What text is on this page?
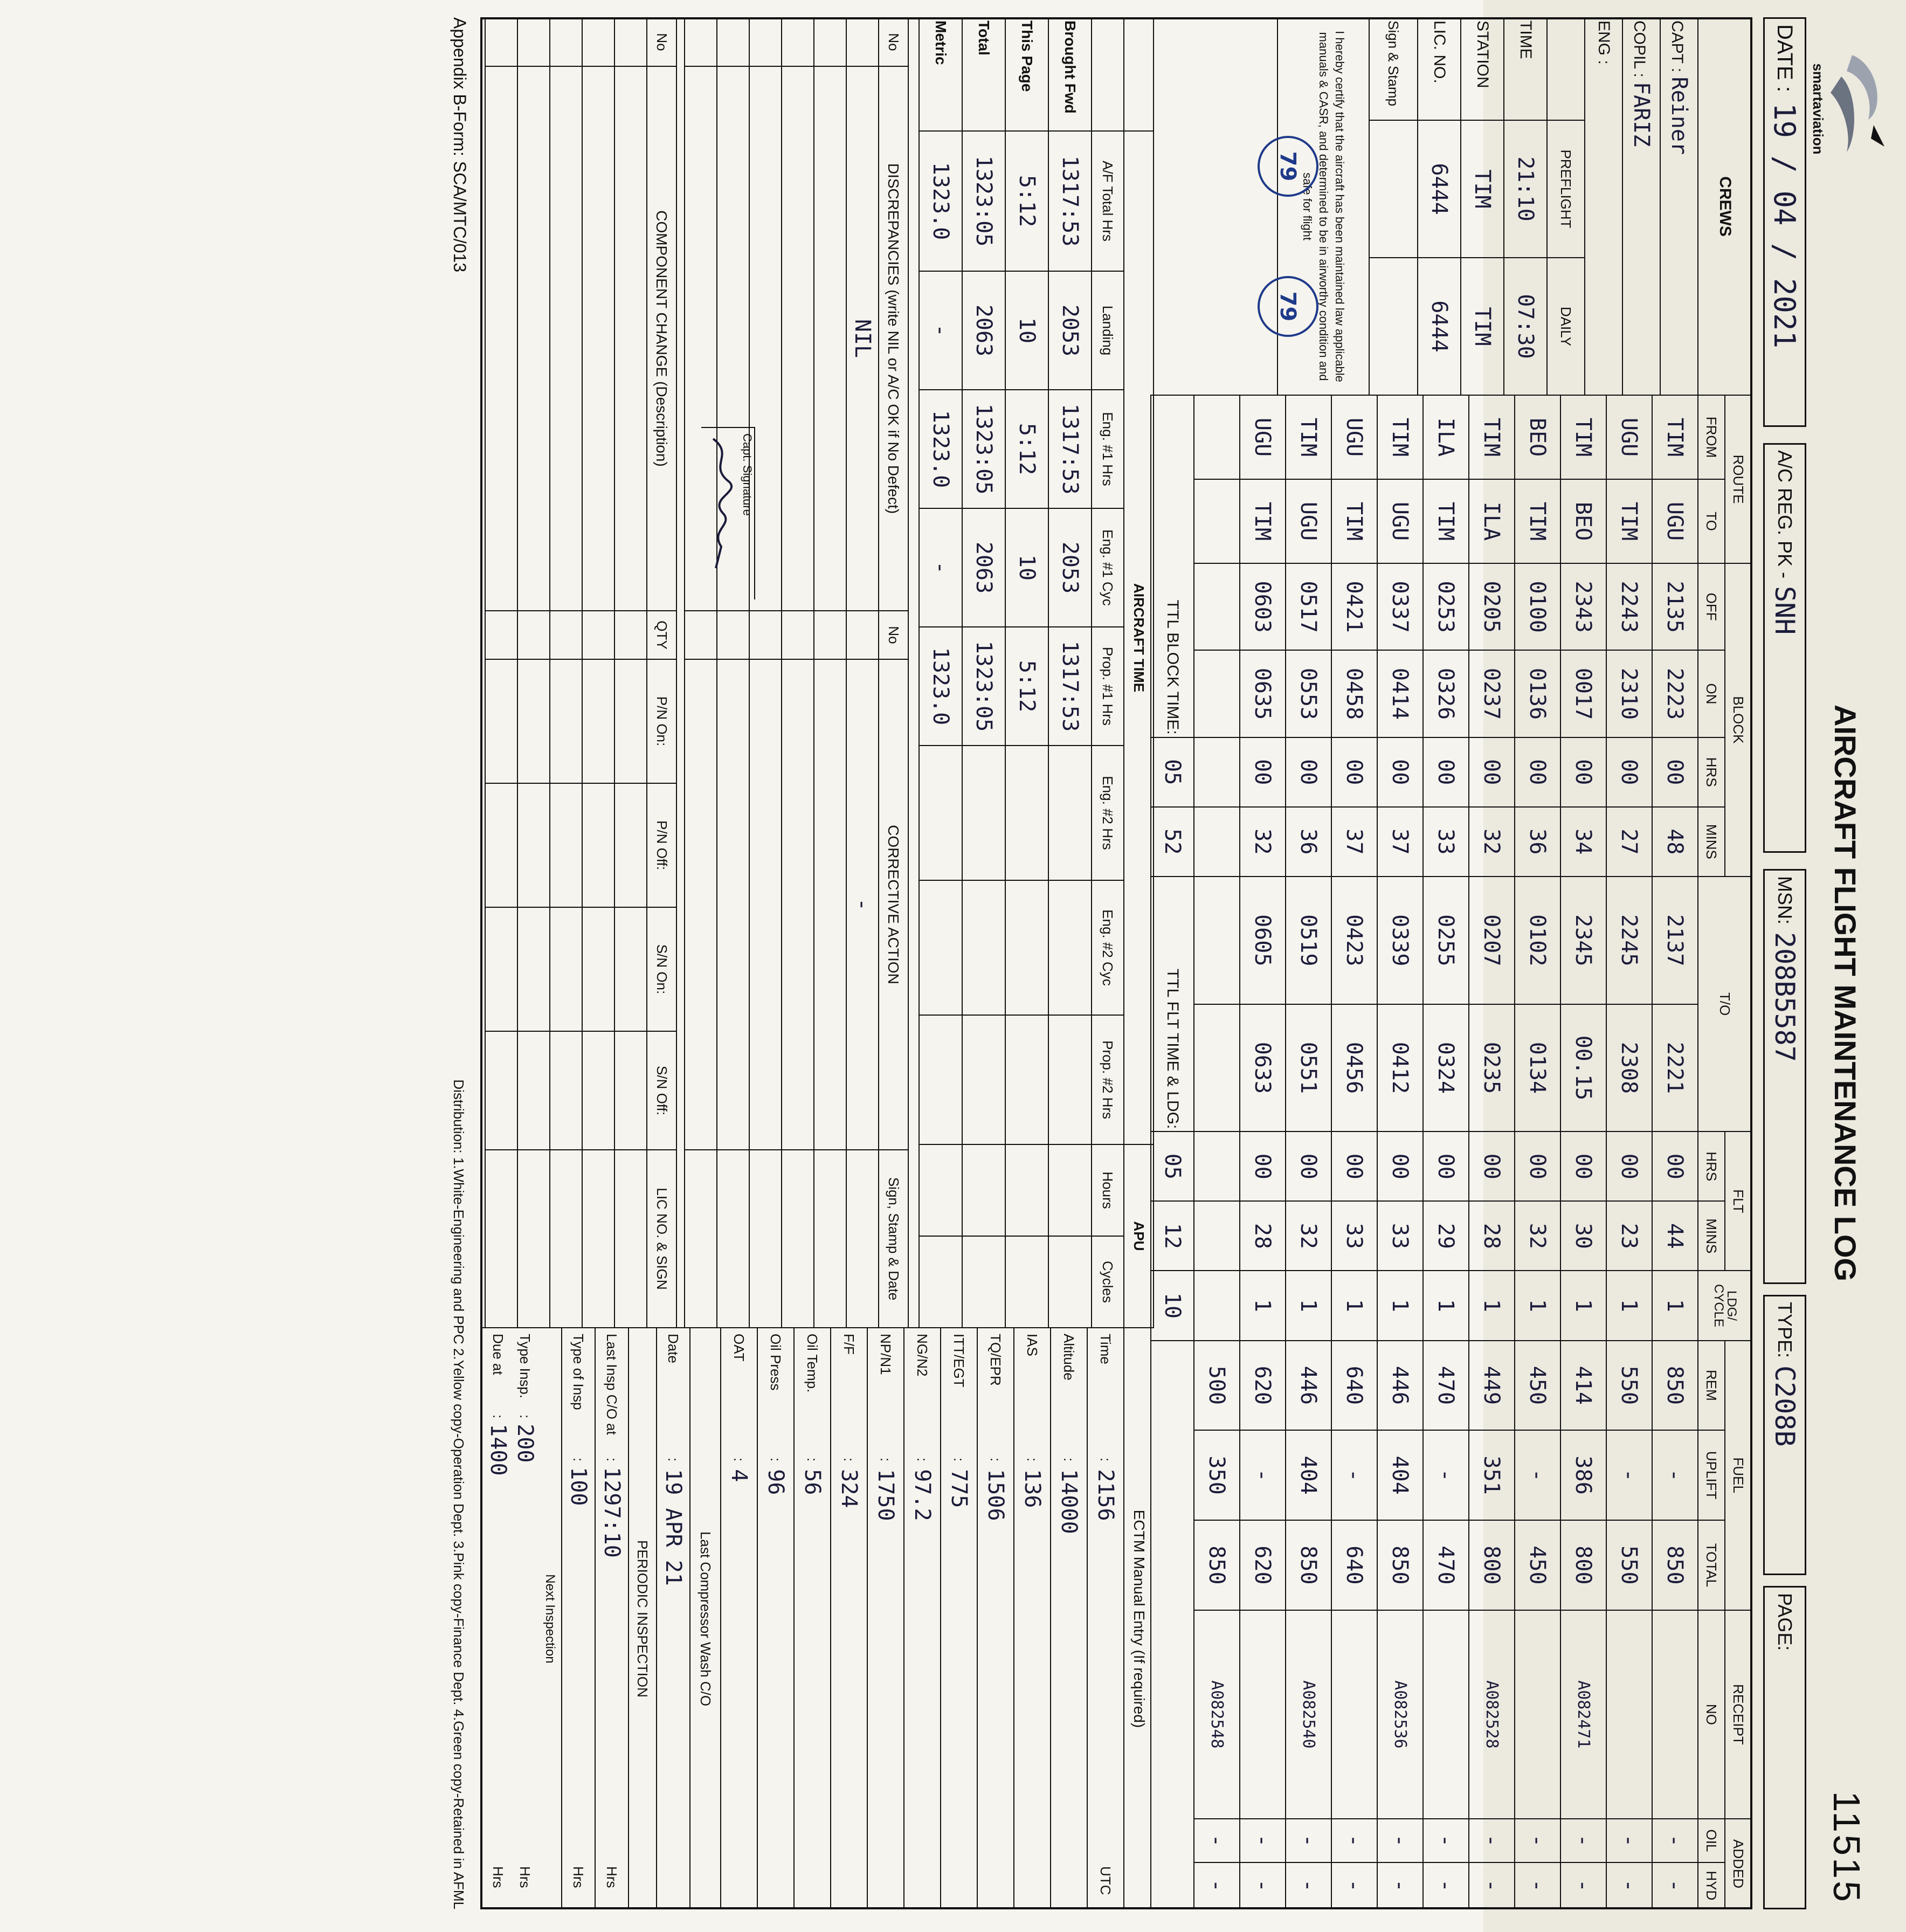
smartaviation
AIRCRAFT FLIGHT MAINTENANCE LOG
11515
DATE :
19 / 04 / 2021
A/C REG. PK -
SNH
MSN:
208B5587
TYPE:
C208B
PAGE:
CREWS		
CAPT : Reiner		
COPIL : FARIZ		
ENG :		
	PREFLIGHT	DAILY
TIME	21:10	07:30
STATION	TIM	TIM
LIC. NO.	6444	6444
Sign & Stamp		
I hereby certify that the aircraft has been maintained law applicable manuals & CASR, and determined to be in airworthy condition and safe for flight		
79
79
ROUTE		BLOCK				T/O		FLT		LDG/ CYCLE	FUEL			RECEIPT	ADDED	
FROM	TO	OFF	ON	HRS	MINS			HRS	MINS		REM	UPLIFT	TOTAL	NO	OIL	HYD
TIM	UGU	2135	2223	00	48	2137	2221	00	44	1	850	-	850		-	-
UGU	TIM	2243	2310	00	27	2245	2308	00	23	1	550	-	550		-	-
TIM	BEO	2343	0017	00	34	2345	00.15	00	30	1	414	386	800	A082471	-	-
BEO	TIM	0100	0136	00	36	0102	0134	00	32	1	450	-	450		-	-
TIM	ILA	0205	0237	00	32	0207	0235	00	28	1	449	351	800	A082528	-	-
ILA	TIM	0253	0326	00	33	0255	0324	00	29	1	470	-	470		-	-
TIM	UGU	0337	0414	00	37	0339	0412	00	33	1	446	404	850	A082536	-	-
UGU	TIM	0421	0458	00	37	0423	0456	00	33	1	640	-	640		-	-
TIM	UGU	0517	0553	00	36	0519	0551	00	32	1	446	404	850	A082540	-	-
UGU	TIM	0603	0635	00	32	0605	0633	00	28	1	620	-	620		-	-
											500	350	850	A082548	-	-
TTL BLOCK TIME:				05	52	TTL FLT TIME & LDG:		05	12	10						
	AIRCRAFT TIME							
	A/F Total Hrs	Landing	Eng. #1 Hrs	Eng. #1 Cyc	Prop. #1 Hrs	Eng. #2 Hrs	Eng. #2 Cyc	Prop. #2 Hrs
Brought Fwd	1317:53	2053	1317:53	2053	1317:53			
This Page	5:12	10	5:12	10	5:12			
Total	1323:05	2063	1323:05	2063	1323:05			
Metric	1323.0	-	1323.0	-	1323.0			
APU	
Hours	Cycles

No	DISCREPANCIES (write NIL or A/C OK if No Defect)	No	CORRECTIVE ACTION	Sign, Stamp & Date
	NIL		-	

Capt. Signature
No	COMPONENT CHANGE (Description)	QTY	P/N On:	P/N Off:	S/N On:	S/N Off:	LIC NO. & SIGN

ECTM Manual Entry (If required)
Time
:
2156
UTC
Altitude
:
14000
IAS
:
136
TQ/EPR
:
1506
ITT/EGT
:
775
NG/N2
:
97.2
NP/N1
:
1750
F/F
:
324
Oil Temp.
:
56
Oil Press
:
96
OAT
:
4
Last Compressor Wash C/O
Date
:
19 APR 21
PERIODIC INSPECTION
Last Insp C/O at
:
1297:10
Hrs
Type of Insp
:
100
Hrs
Next Inspection
Type Insp.
:
200
Hrs
Due at
:
1400
Hrs
Appendix B-Form: SCA/MTC/013
Distribution: 1.White-Engineering and PPC 2.Yellow copy-Operation Dept. 3.Pink copy-Finance Dept. 4.Green copy-Retained in AFML
